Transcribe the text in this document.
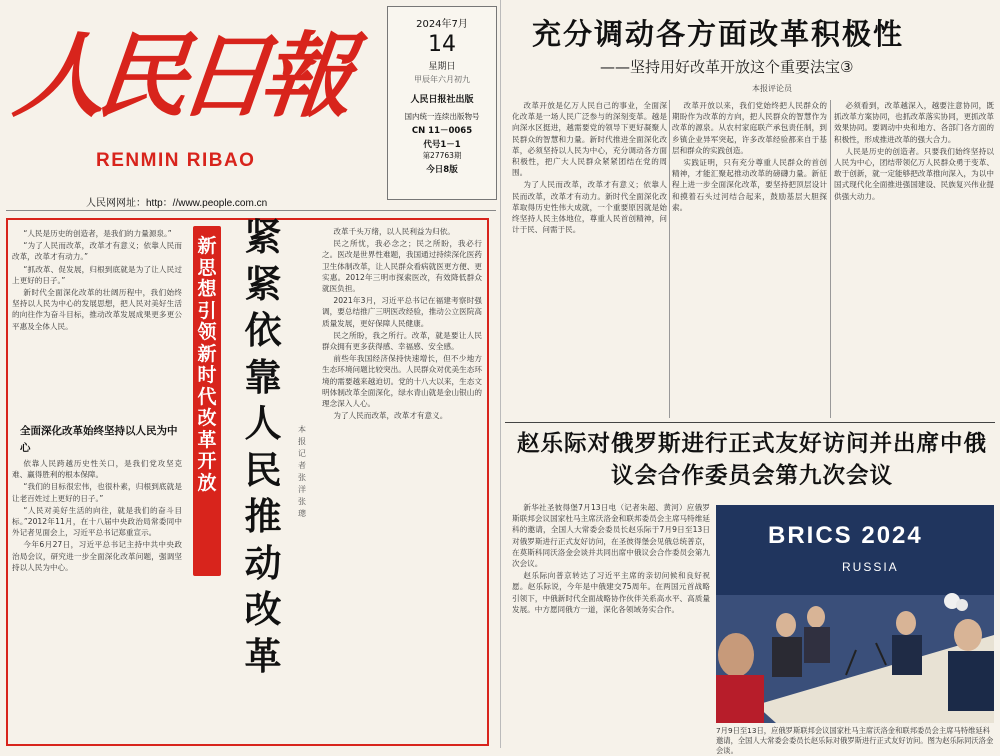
人民日報
RENMIN RIBAO
人民网网址：http：//www.people.com.cn
2024年7月
14
星期日
甲辰年六月初九
人民日报社出版
国内统一连续出版物号
CN 11－0065
代号1－1
第27763期
今日8版
充分调动各方面改革积极性
——坚持用好改革开放这个重要法宝③
本报评论员

改革开放是亿万人民自己的事业，全面深化改革是一场人民广泛参与的深刻变革。越是向深水区挺进，越需要党的领导下更好凝聚人民群众的智慧和力量。新时代推进全面深化改革，必须坚持以人民为中心，充分调动各方面积极性，把广大人民群众紧紧团结在党的周围。

为了人民而改革，改革才有意义；依靠人民而改革，改革才有动力。新时代全面深化改革取得历史性伟大成就，一个重要原因就是始终坚持人民主体地位，尊重人民首创精神，问计于民、问需于民。

改革开放以来，我们党始终把人民群众的期盼作为改革的方向，把人民群众的智慧作为改革的源泉。从农村家庭联产承包责任制，到乡镇企业异军突起，许多改革经验都来自于基层和群众的实践创造。

实践证明，只有充分尊重人民群众的首创精神，才能汇聚起推动改革的磅礴力量。新征程上进一步全面深化改革，要坚持把顶层设计和摸着石头过河结合起来，鼓励基层大胆探索。

必须看到，改革越深入，越要注意协同，既抓改革方案协同，也抓改革落实协同，更抓改革效果协同。要调动中央和地方、各部门各方面的积极性，形成推进改革的强大合力。

人民是历史的创造者。只要我们始终坚持以人民为中心，团结带领亿万人民群众勇于变革、敢于创新，就一定能够把改革推向深入，为以中国式现代化全面推进强国建设、民族复兴伟业提供强大动力。

“人民是历史的创造者，是我们的力量源泉。”

“为了人民而改革，改革才有意义；依靠人民而改革，改革才有动力。”

“抓改革、促发展，归根到底就是为了让人民过上更好的日子。”

新时代全面深化改革的壮阔历程中，我们始终坚持以人民为中心的发展思想，把人民对美好生活的向往作为奋斗目标，推动改革发展成果更多更公平惠及全体人民。

全面深化改革始终坚持以人民为中心

依靠人民跨越历史性关口，是我们党攻坚克难、赢得胜利的根本保障。

“我们的目标很宏伟，也很朴素，归根到底就是让老百姓过上更好的日子。”

“人民对美好生活的向往，就是我们的奋斗目标。”2012年11月，在十八届中央政治局常委同中外记者见面会上，习近平总书记郑重宣示。

今年6月27日，习近平总书记主持中共中央政治局会议，研究进一步全面深化改革问题，强调坚持以人民为中心。

新思想引领新时代改革开放
紧紧依靠人民推动改革
本报记者 张洋 张璁

改革千头万绪，以人民利益为归依。

民之所忧，我必念之；民之所盼，我必行之。医改是世界性难题，我国通过持续深化医药卫生体制改革，让人民群众看病就医更方便、更实惠。2012年三明市探索医改，有效降低群众就医负担。

2021年3月，习近平总书记在福建考察时强调，要总结推广三明医改经验，推动公立医院高质量发展，更好保障人民健康。

民之所盼，我之所行。改革，就是要让人民群众拥有更多获得感、幸福感、安全感。

前些年我国经济保持快速增长，但不少地方生态环境问题比较突出。人民群众对优美生态环境的需要越来越迫切。党的十八大以来，生态文明体制改革全面深化，绿水青山就是金山银山的理念深入人心。

为了人民而改革，改革才有意义。

赵乐际对俄罗斯进行正式友好访问并出席中俄议会合作委员会第九次会议

新华社圣彼得堡7月13日电（记者朱超、黄河）应俄罗斯联邦会议国家杜马主席沃洛金和联邦委员会主席马特维延科的邀请，全国人大常委会委员长赵乐际于7月9日至13日对俄罗斯进行正式友好访问，在圣彼得堡会见俄总统普京，在莫斯科同沃洛金会谈并共同出席中俄议会合作委员会第九次会议。

赵乐际向普京转达了习近平主席的亲切问候和良好祝愿。赵乐际说，今年是中俄建交75周年。在两国元首战略引领下，中俄新时代全面战略协作伙伴关系高水平、高质量发展。中方愿同俄方一道，深化各领域务实合作。

BRICS 2024
RUSSIA
7月9日至13日，应俄罗斯联邦会议国家杜马主席沃洛金和联邦委员会主席马特维延科邀请，全国人大常委会委员长赵乐际对俄罗斯进行正式友好访问。图为赵乐际同沃洛金会谈。
